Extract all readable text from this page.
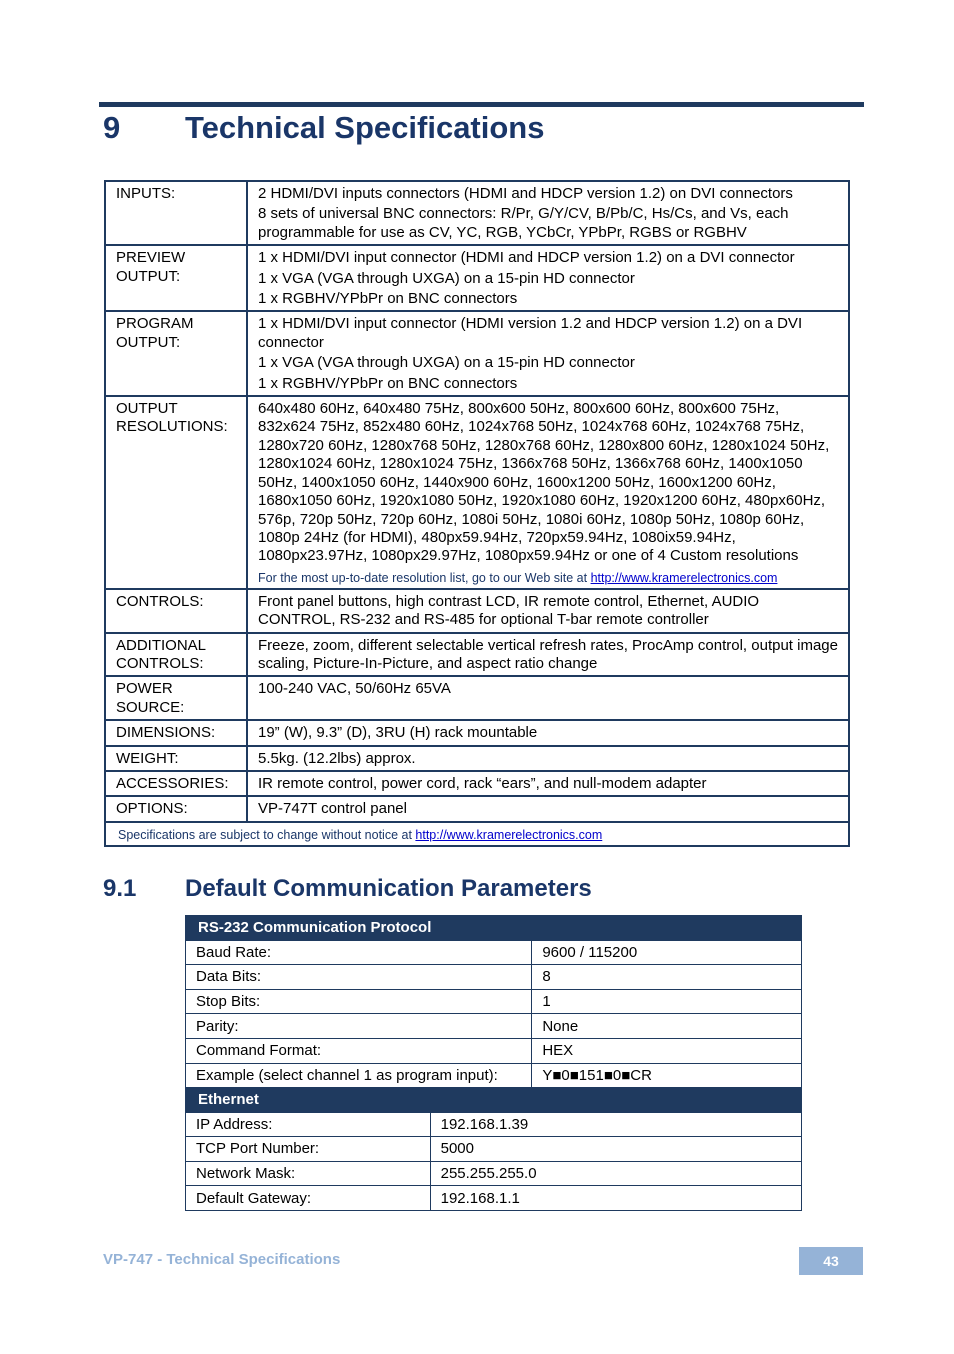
9 Technical Specifications
INPUTS:	2 HDMI/DVI inputs connectors (HDMI and HDCP version 1.2) on DVI connectors
8 sets of universal BNC connectors: R/Pr, G/Y/CV, B/Pb/C, Hs/Cs, and Vs, each programmable for use as CV, YC, RGB, YCbCr, YPbPr, RGBS or RGBHV

PREVIEW OUTPUT:	1 x HDMI/DVI input connector (HDMI and HDCP version 1.2) on a DVI connector
1 x VGA (VGA through UXGA) on a 15-pin HD connector
1 x RGBHV/YPbPr on BNC connectors

PROGRAM OUTPUT:	1 x HDMI/DVI input connector (HDMI version 1.2 and HDCP version 1.2) on a DVI connector
1 x VGA (VGA through UXGA) on a 15-pin HD connector
1 x RGBHV/YPbPr on BNC connectors

OUTPUT RESOLUTIONS:	640x480 60Hz, 640x480 75Hz, 800x600 50Hz, 800x600 60Hz, 800x600 75Hz, 832x624 75Hz, 852x480 60Hz, 1024x768 50Hz, 1024x768 60Hz, 1024x768 75Hz, 1280x720 60Hz, 1280x768 50Hz, 1280x768 60Hz, 1280x800 60Hz, 1280x1024 50Hz, 1280x1024 60Hz, 1280x1024 75Hz, 1366x768 50Hz, 1366x768 60Hz, 1400x1050 50Hz, 1400x1050 60Hz, 1440x900 60Hz, 1600x1200 50Hz, 1600x1200 60Hz, 1680x1050 60Hz, 1920x1080 50Hz, 1920x1080 60Hz, 1920x1200 60Hz, 480px60Hz, 576p, 720p 50Hz, 720p 60Hz, 1080i 50Hz, 1080i 60Hz, 1080p 50Hz, 1080p 60Hz, 1080p 24Hz (for HDMI), 480px59.94Hz, 720px59.94Hz, 1080ix59.94Hz, 1080px23.97Hz, 1080px29.97Hz, 1080px59.94Hz or one of 4 Custom resolutions
For the most up-to-date resolution list, go to our Web site at http://www.kramerelectronics.com

CONTROLS:	Front panel buttons, high contrast LCD, IR remote control, Ethernet, AUDIO CONTROL, RS-232 and RS-485 for optional T-bar remote controller

ADDITIONAL CONTROLS:	Freeze, zoom, different selectable vertical refresh rates, ProcAmp control, output image scaling, Picture-In-Picture, and aspect ratio change

POWER SOURCE:	100-240 VAC, 50/60Hz 65VA

DIMENSIONS:	19” (W), 9.3” (D), 3RU (H) rack mountable

WEIGHT:	5.5kg. (12.2lbs) approx.

ACCESSORIES:	IR remote control, power cord, rack “ears”, and null-modem adapter

OPTIONS:	VP-747T control panel

Specifications are subject to change without notice at http://www.kramerelectronics.com	
9.1 Default Communication Parameters
RS-232 Communication Protocol	
Baud Rate:	9600 / 115200
Data Bits:	8
Stop Bits:	1
Parity:	None
Command Format:	HEX
Example (select channel 1 as program input):	Y■0■151■0■CR
Ethernet	
IP Address:	192.168.1.39
TCP Port Number:	5000
Network Mask:	255.255.255.0
Default Gateway:	192.168.1.1
VP-747 - Technical Specifications	43
